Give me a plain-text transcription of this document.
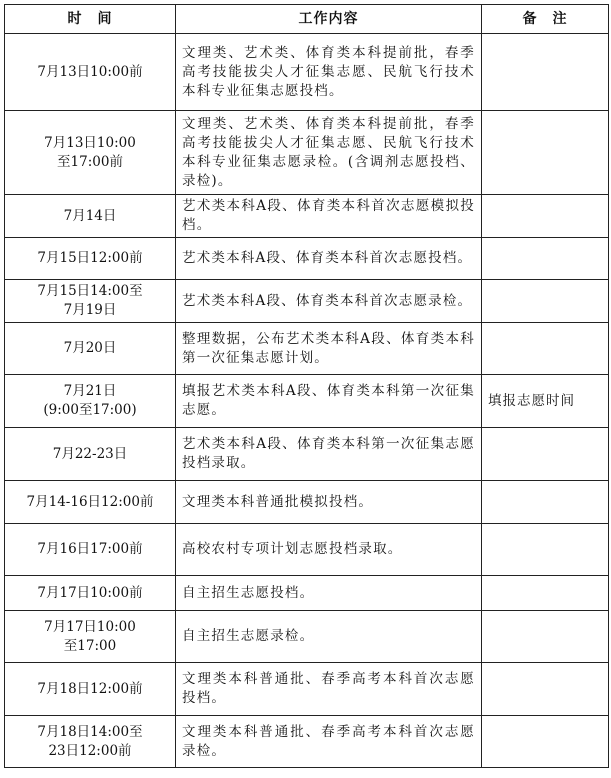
时　间	工作内容	备　注

7月13日10:00前	文理类、艺术类、体育类本科提前批，春季高考技能拔尖人才征集志愿、民航飞行技术本科专业征集志愿投档。	

7月13日10:00
至17:00前	文理类、艺术类、体育类本科提前批，春季高考技能拔尖人才征集志愿、民航飞行技术本科专业征集志愿录检。(含调剂志愿投档、录检)。	

7月14日	艺术类本科A段、体育类本科首次志愿模拟投档。	

7月15日12:00前	艺术类本科A段、体育类本科首次志愿投档。	

7月15日14:00至
7月19日	艺术类本科A段、体育类本科首次志愿录检。	

7月20日	整理数据，公布艺术类本科A段、体育类本科第一次征集志愿计划。	

7月21日
(9:00至17:00)	填报艺术类本科A段、体育类本科第一次征集志愿。	填报志愿时间

7月22-23日	艺术类本科A段、体育类本科第一次征集志愿投档录取。	

7月14-16日12:00前	文理类本科普通批模拟投档。	

7月16日17:00前	高校农村专项计划志愿投档录取。	

7月17日10:00前	自主招生志愿投档。	

7月17日10:00
至17:00	自主招生志愿录检。	

7月18日12:00前	文理类本科普通批、春季高考本科首次志愿投档。	

7月18日14:00至
23日12:00前	文理类本科普通批、春季高考本科首次志愿录检。	
